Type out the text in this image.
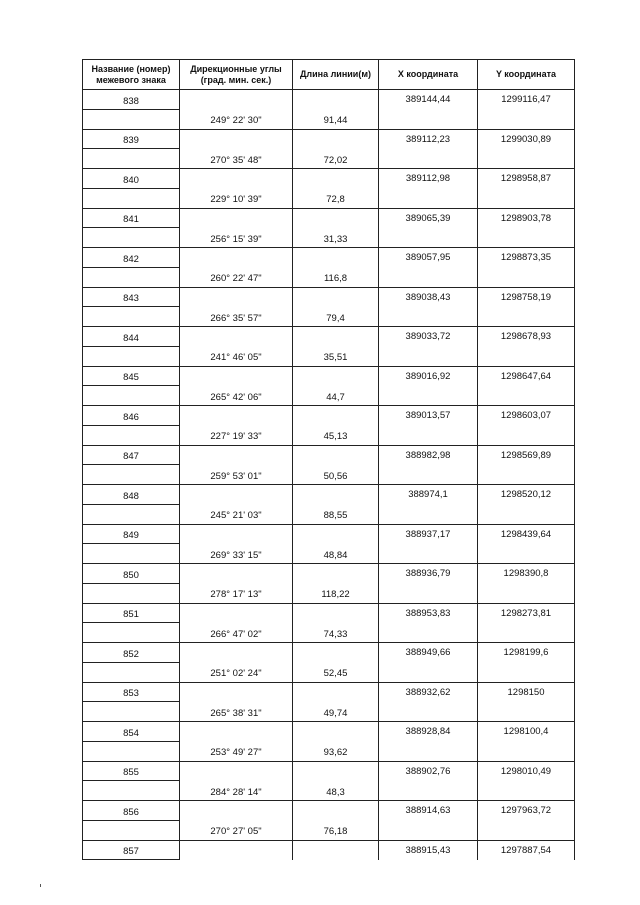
Название (номер) межевого знака	Дирекционные углы (град. мин. сек.)	Длина линии(м)	X координата	Y координата
838			389144,44	1299116,47
	249° 22' 30"	91,44		
839			389112,23	1299030,89
	270° 35' 48"	72,02		
840			389112,98	1298958,87
	229° 10' 39"	72,8		
841			389065,39	1298903,78
	256° 15' 39"	31,33		
842			389057,95	1298873,35
	260° 22' 47"	116,8		
843			389038,43	1298758,19
	266° 35' 57"	79,4		
844			389033,72	1298678,93
	241° 46' 05"	35,51		
845			389016,92	1298647,64
	265° 42' 06"	44,7		
846			389013,57	1298603,07
	227° 19' 33"	45,13		
847			388982,98	1298569,89
	259° 53' 01"	50,56		
848			388974,1	1298520,12
	245° 21' 03"	88,55		
849			388937,17	1298439,64
	269° 33' 15"	48,84		
850			388936,79	1298390,8
	278° 17' 13"	118,22		
851			388953,83	1298273,81
	266° 47' 02"	74,33		
852			388949,66	1298199,6
	251° 02' 24"	52,45		
853			388932,62	1298150
	265° 38' 31"	49,74		
854			388928,84	1298100,4
	253° 49' 27"	93,62		
855			388902,76	1298010,49
	284° 28' 14"	48,3		
856			388914,63	1297963,72
	270° 27' 05"	76,18		
857			388915,43	1297887,54
